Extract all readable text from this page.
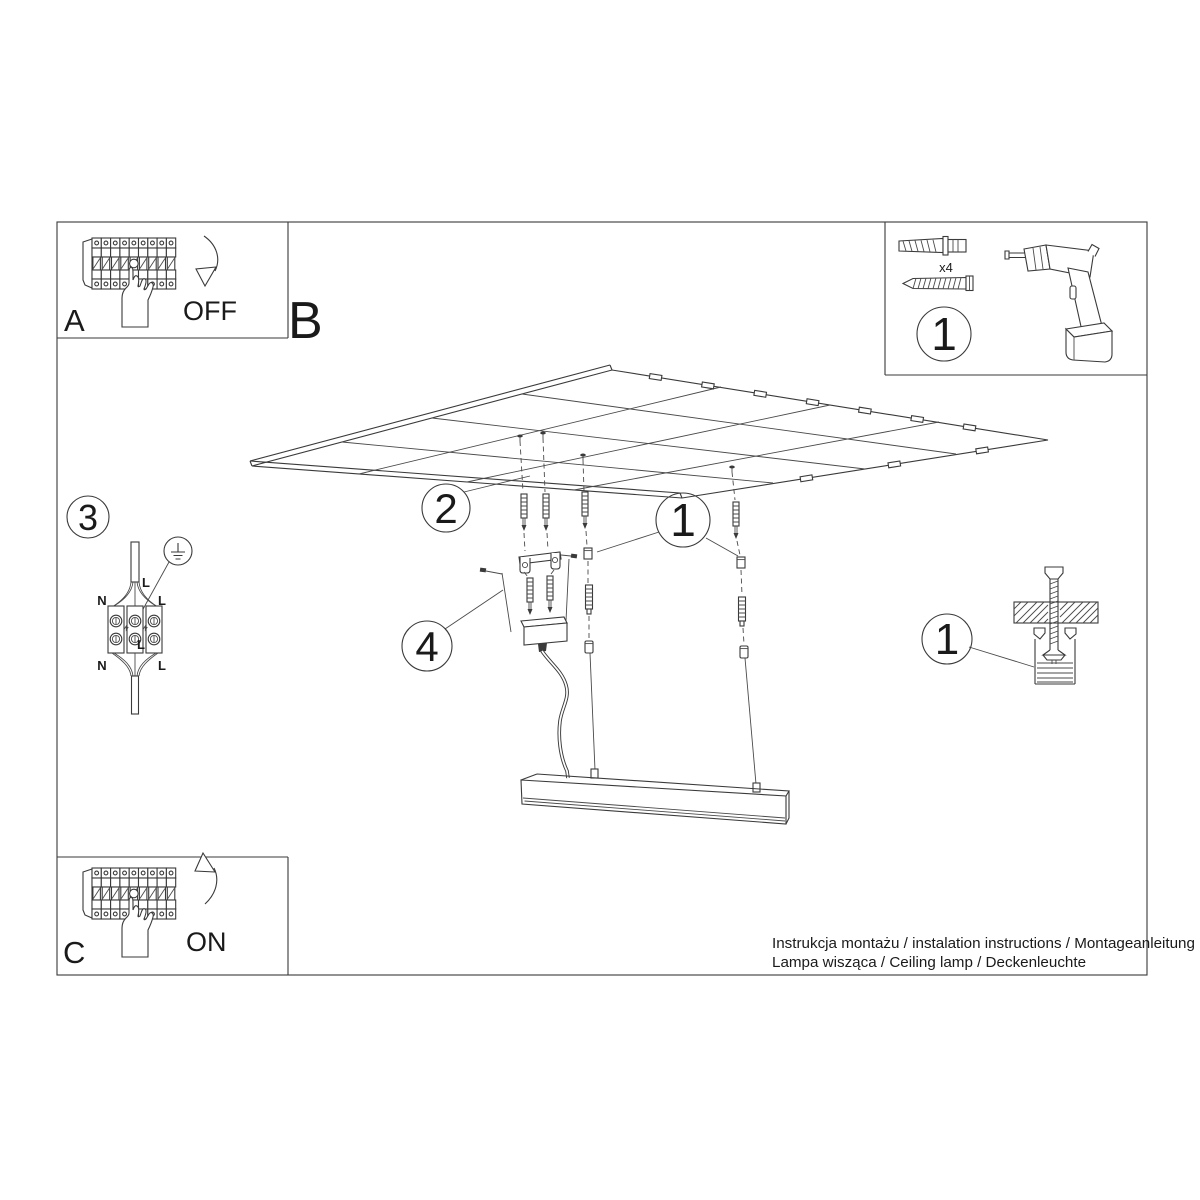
A	OFF B
x4
1
3
L
N	L
L
N	L
2	1
4	1
C	ON	Instrukcja montażu / instalation instructions / Montageanleitung
Lampa wisząca / Ceiling lamp / Deckenleuchte
